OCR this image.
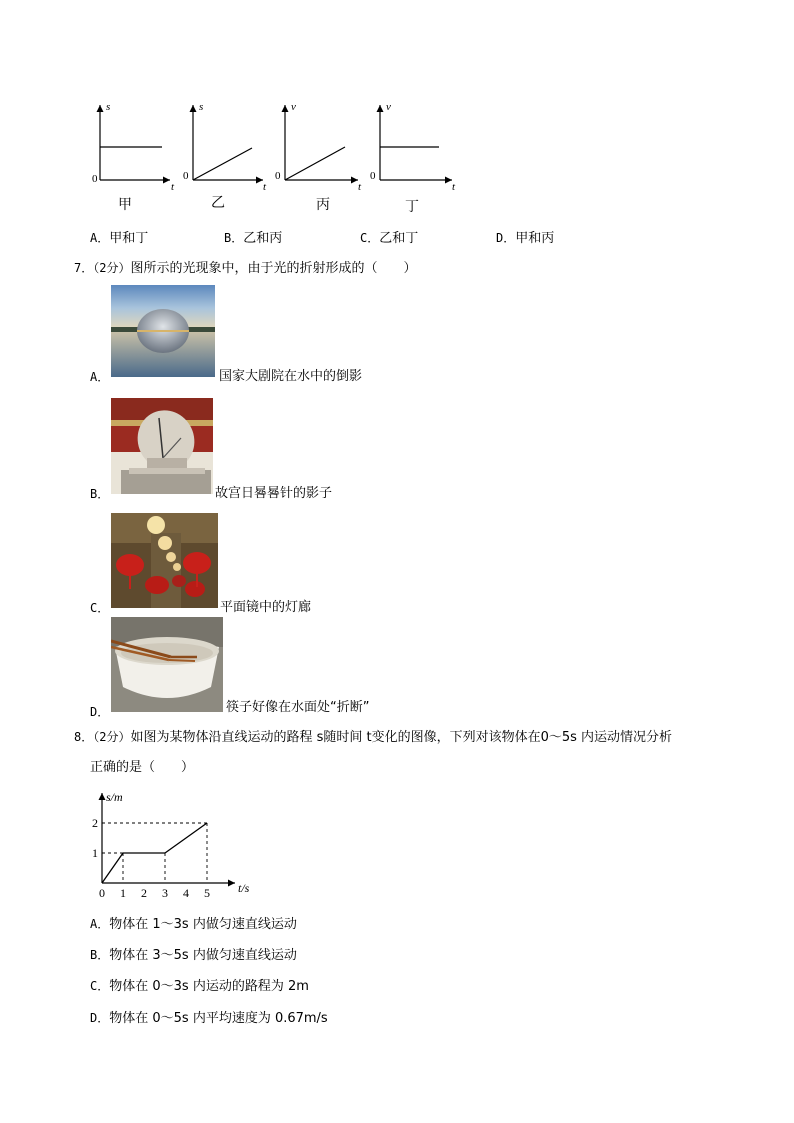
s
t
0
甲
s
t
0
乙
v
t
0
丙
v
t
0
丁
A．甲和丁	B．乙和丙	C．乙和丁	D．甲和丙
7．（2分）图所示的光现象中，由于光的折射形成的（　　）
A．	国家大剧院在水中的倒影
B．	故宫日晷晷针的影子
C．	平面镜中的灯廊
D．	筷子好像在水面处“折断”
8．（2分）如图为某物体沿直线运动的路程 s随时间 t变化的图像，下列对该物体在0～5s 内运动情况分析
正确的是（　　）
s/m
t/s
0 1 2 3 4 5
1
2
A．物体在 1～3s 内做匀速直线运动
B．物体在 3～5s 内做匀速直线运动
C．物体在 0～3s 内运动的路程为 2m
D．物体在 0～5s 内平均速度为 0.67m/s
